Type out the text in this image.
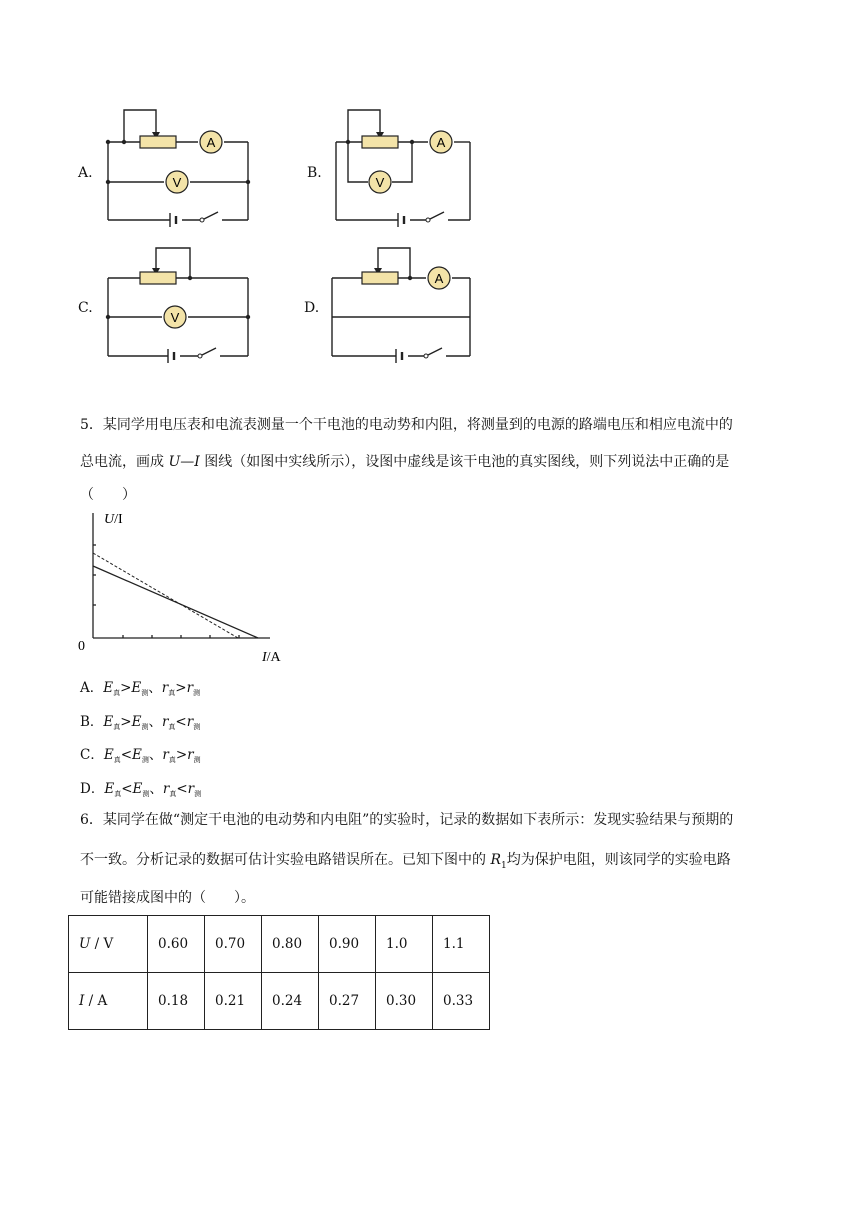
A.
A
V
B.
A
V
C.
V
D.
A
5．某同学用电压表和电流表测量一个干电池的电动势和内阻，将测量到的电源的路端电压和相应电流中的
总电流，画成 U—I 图线（如图中实线所示），设图中虚线是该干电池的真实图线，则下列说法中正确的是
（　　）
U/I
0
I/A
A．$E_真>E_测$、$r_真>r_测$
B．$E_真>E_测$、$r_真<r_测$
C．$E_真<E_测$、$r_真>r_测$
D．$E_真<E_测$、$r_真<r_测$
6．某同学在做“测定干电池的电动势和内电阻”的实验时，记录的数据如下表所示：发现实验结果与预期的
不一致。分析记录的数据可估计实验电路错误所在。已知下图中的 $R_1$均为保护电阻，则该同学的实验电路
可能错接成图中的（　　）。
U / V	0.60	0.70	0.80	0.90	1.0	1.1
I / A	0.18	0.21	0.24	0.27	0.30	0.33
